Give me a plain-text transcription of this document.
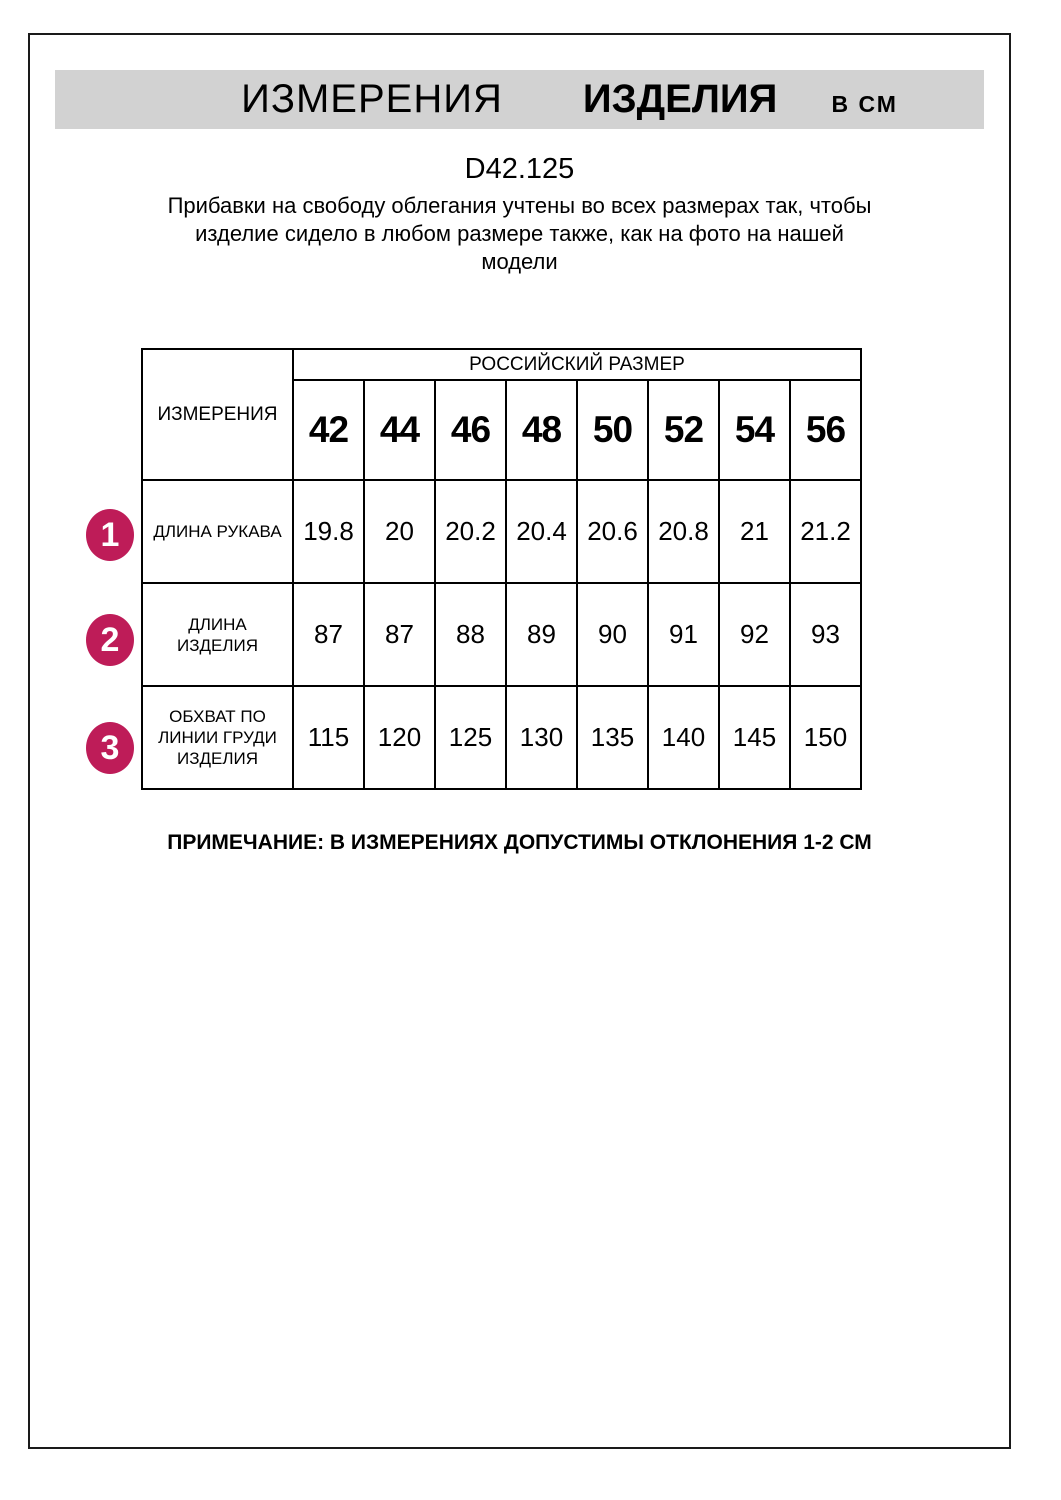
ИЗМЕРЕНИЯ ИЗДЕЛИЯ В СМ
D42.125
Прибавки на свободу облегания учтены во всех размерах так, чтобы
изделие сидело в любом размере также, как на фото на нашей
модели
ИЗМЕРЕНИЯ	РОССИЙСКИЙ РАЗМЕР							
	42	44	46	48	50	52	54	56

ДЛИНА РУКАВА	19.8	20	20.2	20.4	20.6	20.8	21	21.2

ДЛИНА
ИЗДЕЛИЯ	87	87	88	89	90	91	92	93

ОБХВАТ ПО
ЛИНИИ ГРУДИ
ИЗДЕЛИЯ	115	120	125	130	135	140	145	150
1
2
3
ПРИМЕЧАНИЕ: В ИЗМЕРЕНИЯХ ДОПУСТИМЫ ОТКЛОНЕНИЯ 1-2 СМ
